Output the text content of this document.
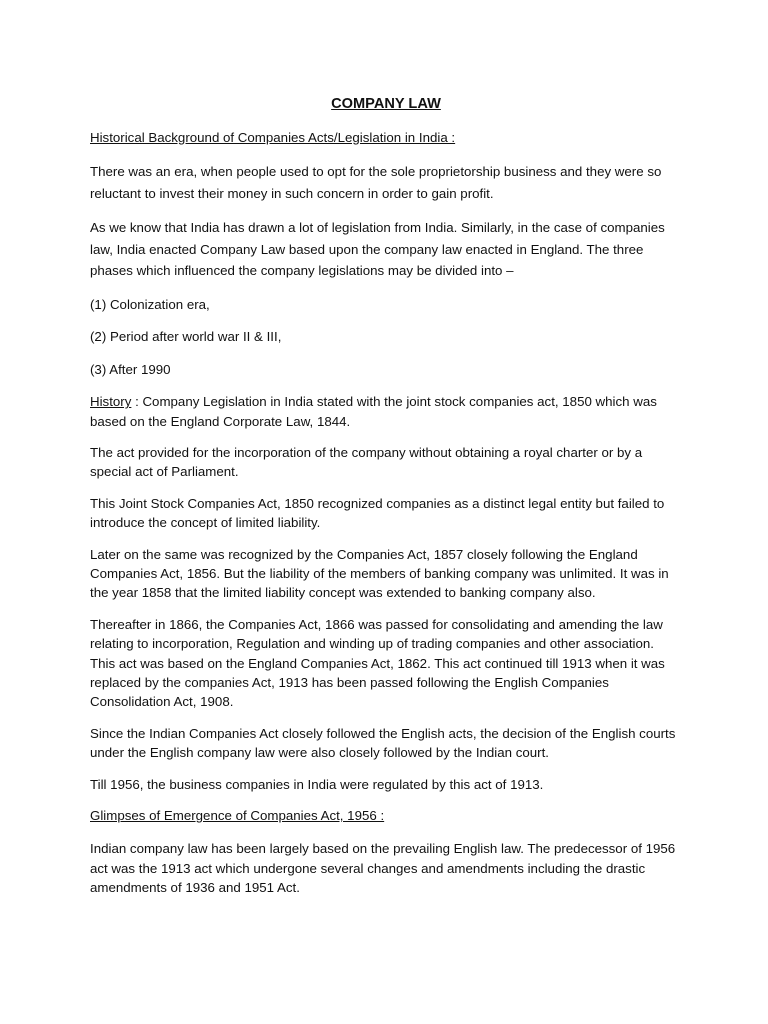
COMPANY LAW

Historical Background of Companies Acts/Legislation in India :

There was an era, when people used to opt for the sole proprietorship business and they were so reluctant to invest their money in such concern in order to gain profit.

As we know that India has drawn a lot of legislation from India. Similarly, in the case of companies law, India enacted Company Law based upon the company law enacted in England. The three phases which influenced the company legislations may be divided into –

(1) Colonization era,

(2) Period after world war II & III,

(3) After 1990

History : Company Legislation in India stated with the joint stock companies act, 1850 which was based on the England Corporate Law, 1844.

The act provided for the incorporation of the company without obtaining a royal charter or by a special act of Parliament.

This Joint Stock Companies Act, 1850 recognized companies as a distinct legal entity but failed to introduce the concept of limited liability.

Later on the same was recognized by the Companies Act, 1857 closely following the England Companies Act, 1856. But the liability of the members of banking company was unlimited. It was in the year 1858 that the limited liability concept was extended to banking company also.

Thereafter in 1866, the Companies Act, 1866 was passed for consolidating and amending the law relating to incorporation, Regulation and winding up of trading companies and other association. This act was based on the England Companies Act, 1862. This act continued till 1913 when it was replaced by the companies Act, 1913 has been passed following the English Companies Consolidation Act, 1908.

Since the Indian Companies Act closely followed the English acts, the decision of the English courts under the English company law were also closely followed by the Indian court.

Till 1956, the business companies in India were regulated by this act of 1913.

Glimpses of Emergence of Companies Act, 1956 :

Indian company law has been largely based on the prevailing English law. The predecessor of 1956 act was the 1913 act which undergone several changes and amendments including the drastic amendments of 1936 and 1951 Act.
